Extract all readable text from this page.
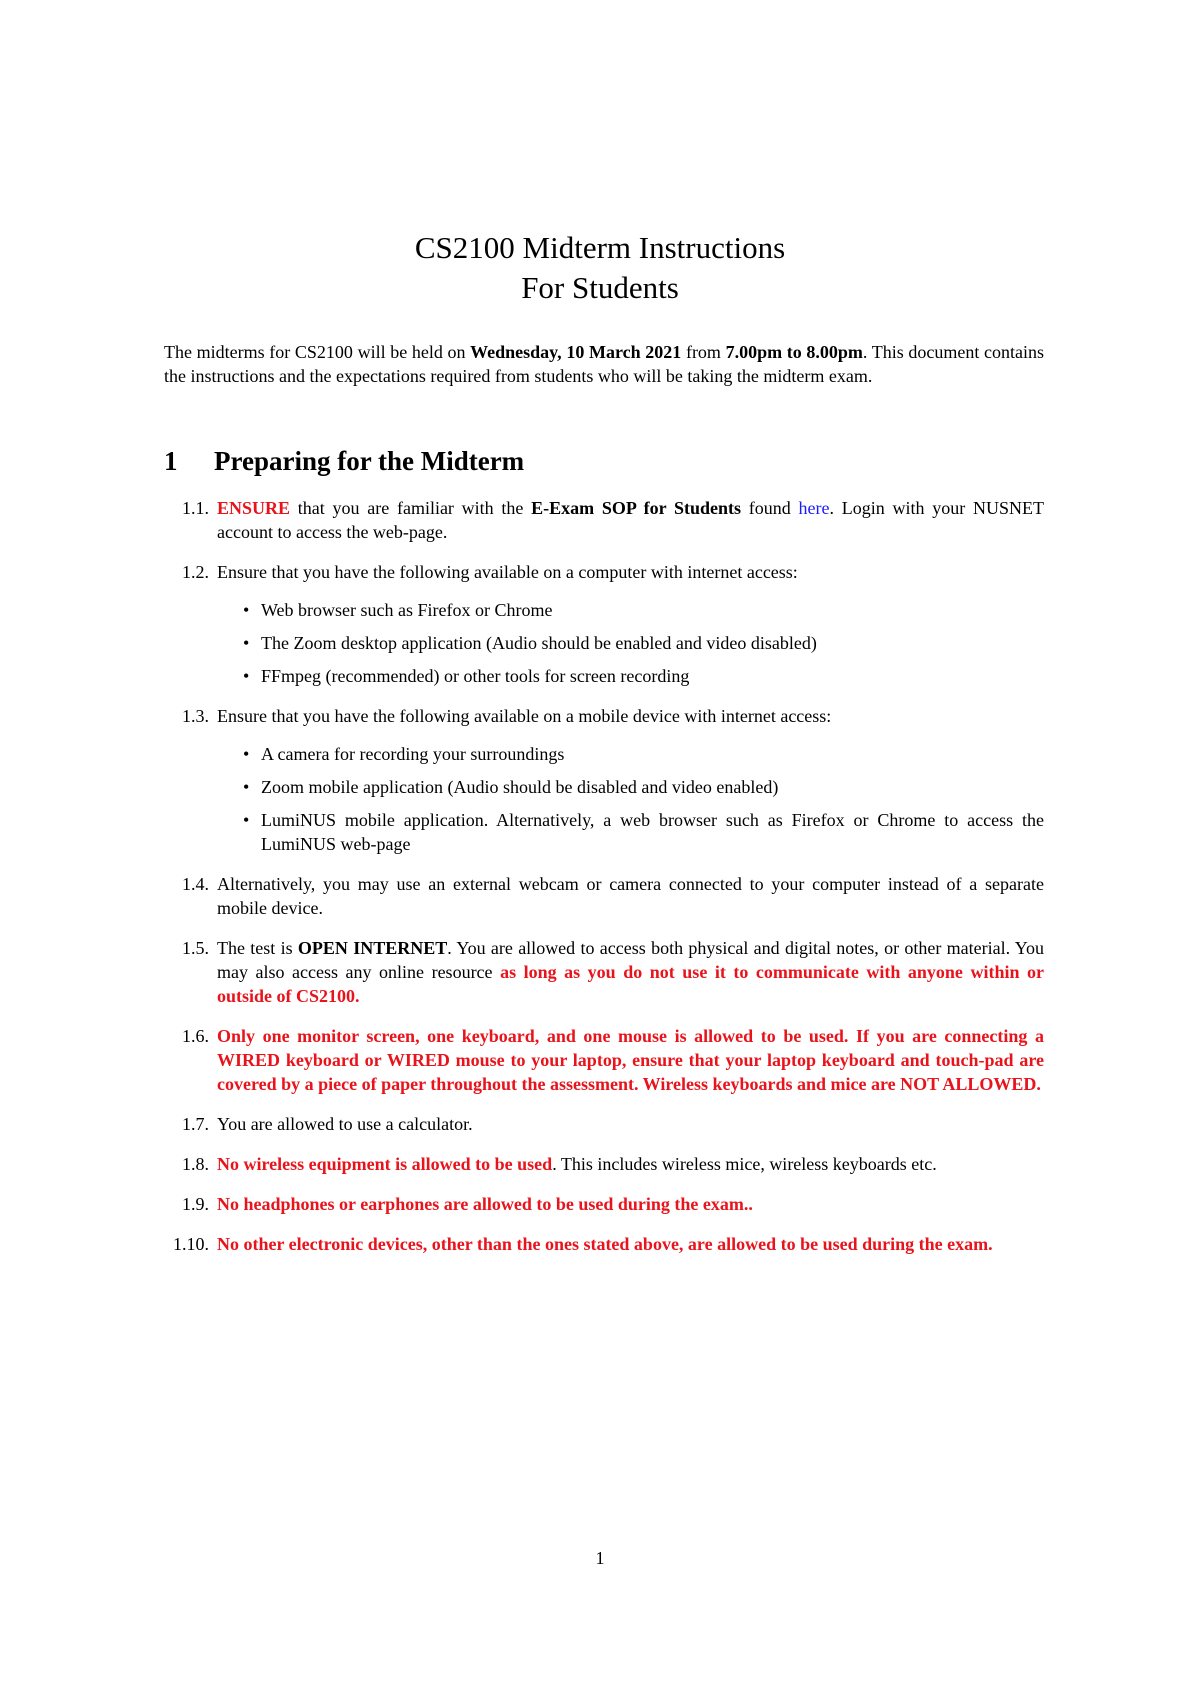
CS2100 Midterm Instructions
For Students
The midterms for CS2100 will be held on Wednesday, 10 March 2021 from 7.00pm to 8.00pm. This document contains the instructions and the expectations required from students who will be taking the midterm exam.
1 Preparing for the Midterm
1.1. ENSURE that you are familiar with the E-Exam SOP for Students found here. Login with your NUSNET account to access the web-page.
1.2. Ensure that you have the following available on a computer with internet access:
• Web browser such as Firefox or Chrome
• The Zoom desktop application (Audio should be enabled and video disabled)
• FFmpeg (recommended) or other tools for screen recording
1.3. Ensure that you have the following available on a mobile device with internet access:
• A camera for recording your surroundings
• Zoom mobile application (Audio should be disabled and video enabled)
• LumiNUS mobile application. Alternatively, a web browser such as Firefox or Chrome to access the LumiNUS web-page
1.4. Alternatively, you may use an external webcam or camera connected to your computer instead of a separate mobile device.
1.5. The test is OPEN INTERNET. You are allowed to access both physical and digital notes, or other material. You may also access any online resource as long as you do not use it to communicate with anyone within or outside of CS2100.
1.6. Only one monitor screen, one keyboard, and one mouse is allowed to be used. If you are connecting a WIRED keyboard or WIRED mouse to your laptop, ensure that your laptop keyboard and touch-pad are covered by a piece of paper throughout the assessment. Wireless keyboards and mice are NOT ALLOWED.
1.7. You are allowed to use a calculator.
1.8. No wireless equipment is allowed to be used. This includes wireless mice, wireless keyboards etc.
1.9. No headphones or earphones are allowed to be used during the exam..
1.10. No other electronic devices, other than the ones stated above, are allowed to be used during the exam.
1
